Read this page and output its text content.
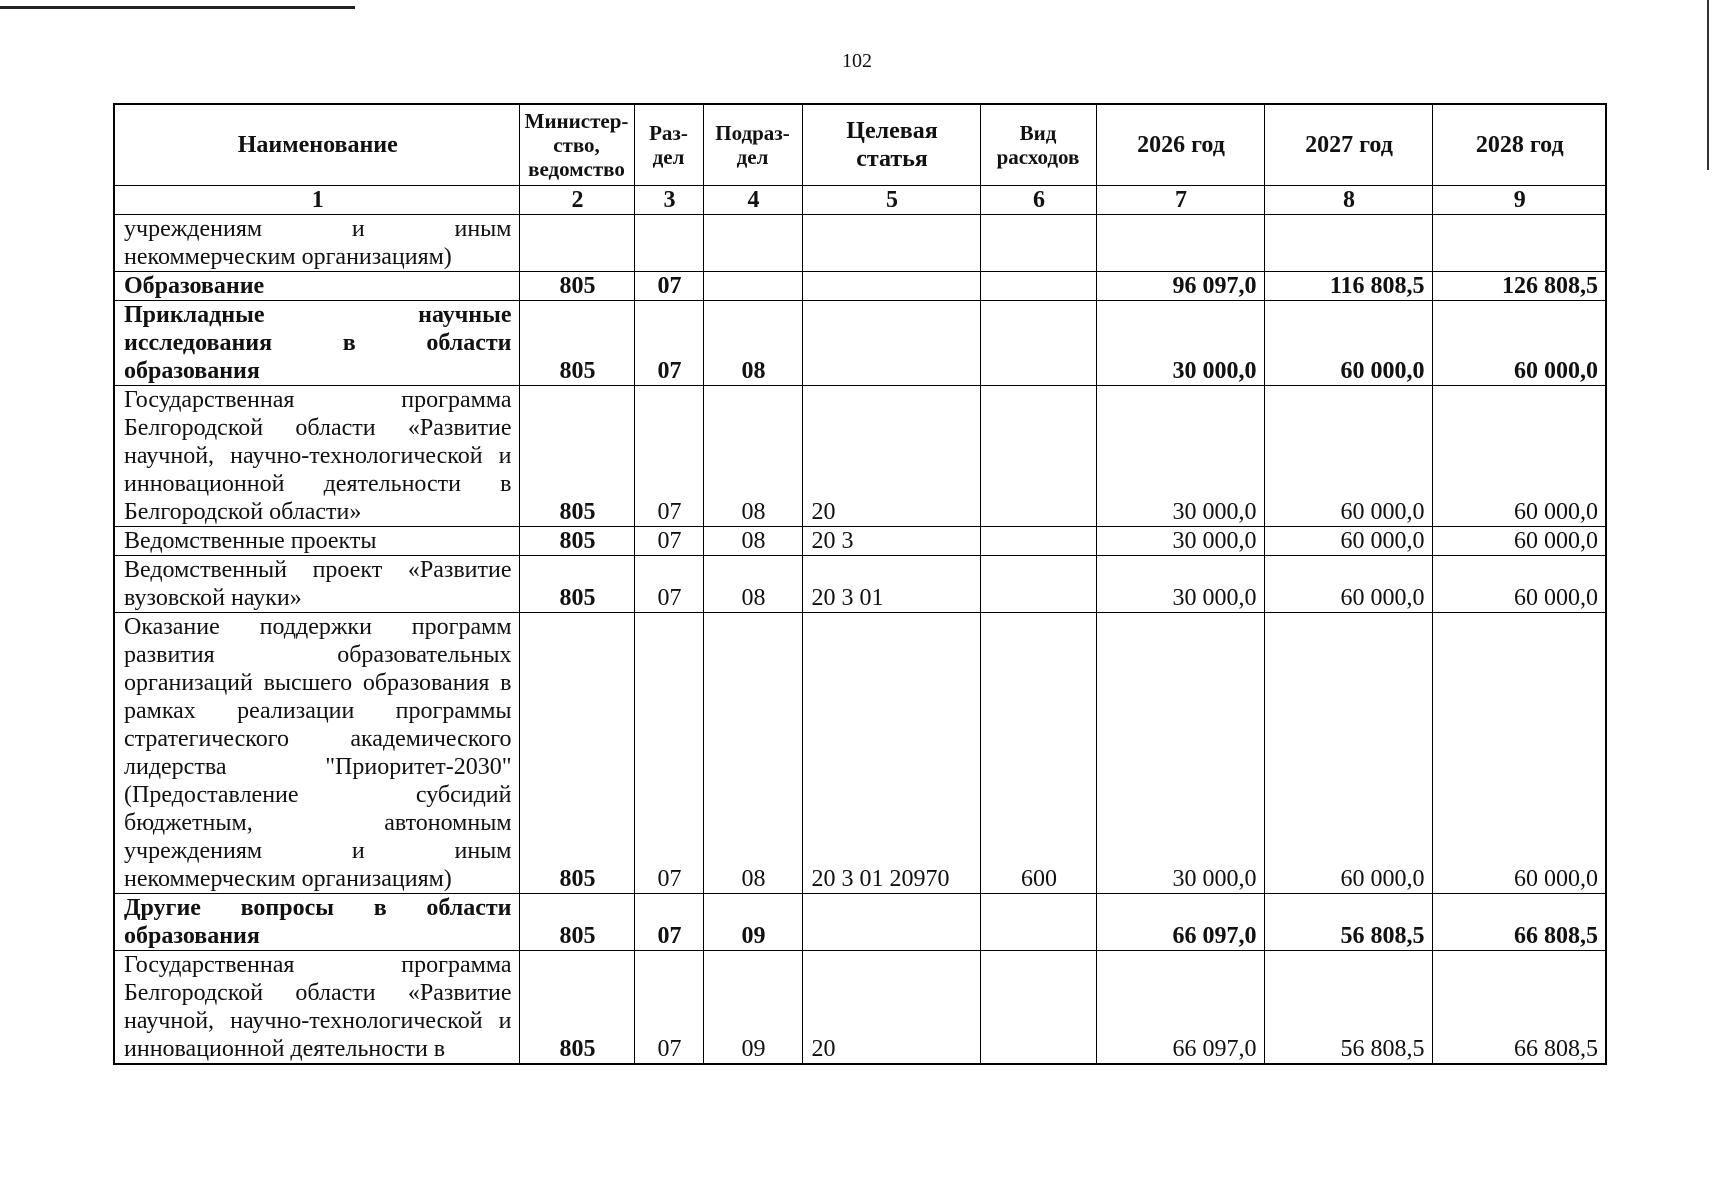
102
Наименование	Министер-ство, ведомство	Раз-дел	Подраз-дел	Целевая статья	Вид расходов	2026 год	2027 год	2028 год
1	2	3	4	5	6	7	8	9
учреждениям и иным некоммерческим организациям)								
Образование	805	07				96 097,0	116 808,5	126 808,5
Прикладные научные исследования в области образования	805	07	08			30 000,0	60 000,0	60 000,0
Государственная программа Белгородской области «Развитие научной, научно-технологической и инновационной деятельности в Белгородской области»	805	07	08	20		30 000,0	60 000,0	60 000,0
Ведомственные проекты	805	07	08	20 3		30 000,0	60 000,0	60 000,0
Ведомственный проект «Развитие вузовской науки»	805	07	08	20 3 01		30 000,0	60 000,0	60 000,0
Оказание поддержки программ развития образовательных организаций высшего образования в рамках реализации программы стратегического академического лидерства "Приоритет-2030" (Предоставление субсидий бюджетным, автономным учреждениям и иным некоммерческим организациям)	805	07	08	20 3 01 20970	600	30 000,0	60 000,0	60 000,0
Другие вопросы в области образования	805	07	09			66 097,0	56 808,5	66 808,5
Государственная программа Белгородской области «Развитие научной, научно-технологической и инновационной деятельности в	805	07	09	20		66 097,0	56 808,5	66 808,5
